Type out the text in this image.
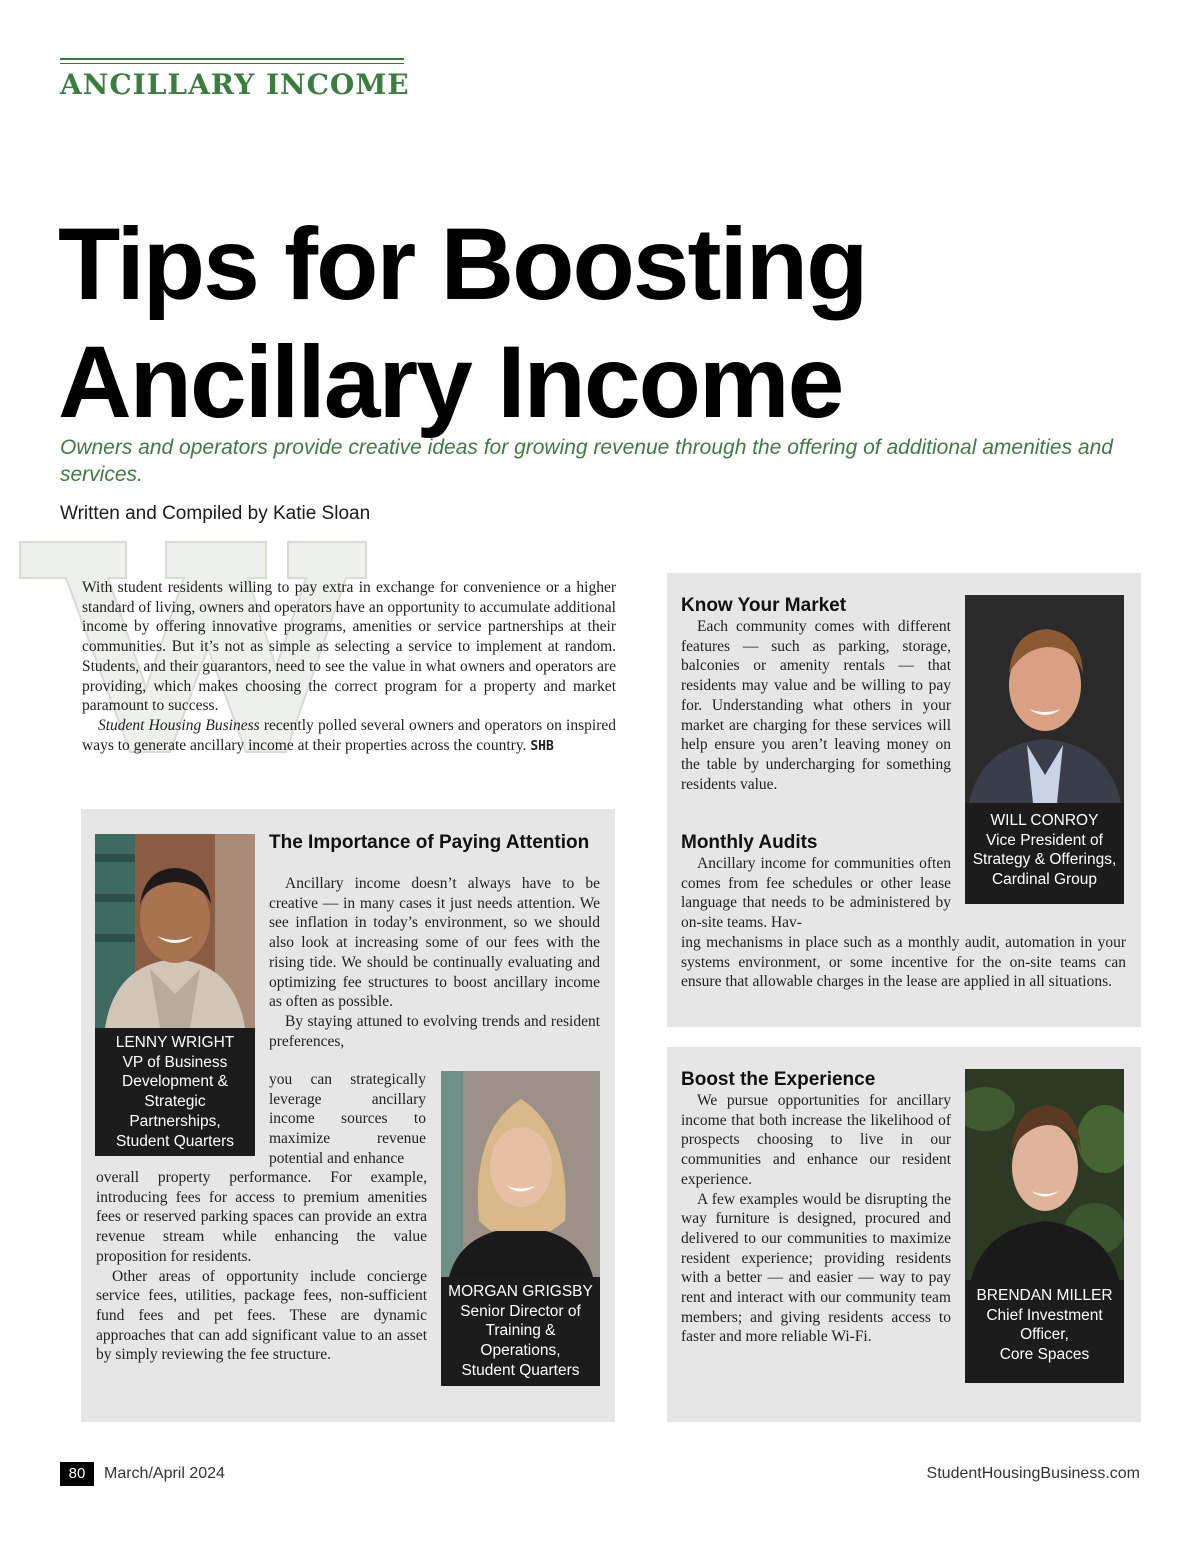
ANCILLARY INCOME
Tips for Boosting
Ancillary Income
Owners and operators provide creative ideas for growing revenue through the offering of additional amenities and services.
Written and Compiled by Katie Sloan

With student residents willing to pay extra in exchange for convenience or a higher standard of living, owners and operators have an opportunity to accumulate additional income by offering innovative programs, amenities or service partnerships at their communities. But it’s not as simple as selecting a service to implement at random. Students, and their guarantors, need to see the value in what owners and operators are providing, which makes choosing the correct program for a property and market paramount to success.

Student Housing Business recently polled several owners and operators on inspired ways to generate ancillary income at their properties across the country. SHB

LENNY WRIGHT
VP of Business Development & Strategic Partnerships,
Student Quarters
The Importance of Paying Attention

Ancillary income doesn’t always have to be creative — in many cases it just needs attention. We see inflation in today’s environment, so we should also look at increasing some of our fees with the rising tide. We should be continually evaluating and optimizing fee structures to boost ancillary income as often as possible.

By staying attuned to evolving trends and resident preferences,

you can strategically leverage ancillary income sources to maximize revenue potential and enhance

overall property performance. For example, introducing fees for access to premium amenities fees or reserved parking spaces can provide an extra revenue stream while enhancing the value proposition for residents.

Other areas of opportunity include concierge service fees, utilities, package fees, non-sufficient fund fees and pet fees. These are dynamic approaches that can add significant value to an asset by simply reviewing the fee structure.

MORGAN GRIGSBY
Senior Director of Training & Operations,
Student Quarters
Know Your Market

Each community comes with different features — such as parking, storage, balconies or amenity rentals — that residents may value and be willing to pay for. Understanding what others in your market are charging for these services will help ensure you aren’t leaving money on the table by undercharging for something residents value.

Monthly Audits

Ancillary income for communities often comes from fee schedules or other lease language that needs to be administered by on-site teams. Hav-

ing mechanisms in place such as a monthly audit, automation in your systems environment, or some incentive for the on-site teams can ensure that allowable charges in the lease are applied in all situations.

WILL CONROY
Vice President of Strategy & Offerings,
Cardinal Group
Boost the Experience

We pursue opportunities for ancillary income that both increase the likelihood of prospects choosing to live in our communities and enhance our resident experience.

A few examples would be disrupting the way furniture is designed, procured and delivered to our communities to maximize resident experience; providing residents with a better — and easier — way to pay rent and interact with our community team members; and giving residents access to faster and more reliable Wi-Fi.

BRENDAN MILLER
Chief Investment Officer,
Core Spaces
80	March/April 2024	StudentHousingBusiness.com
